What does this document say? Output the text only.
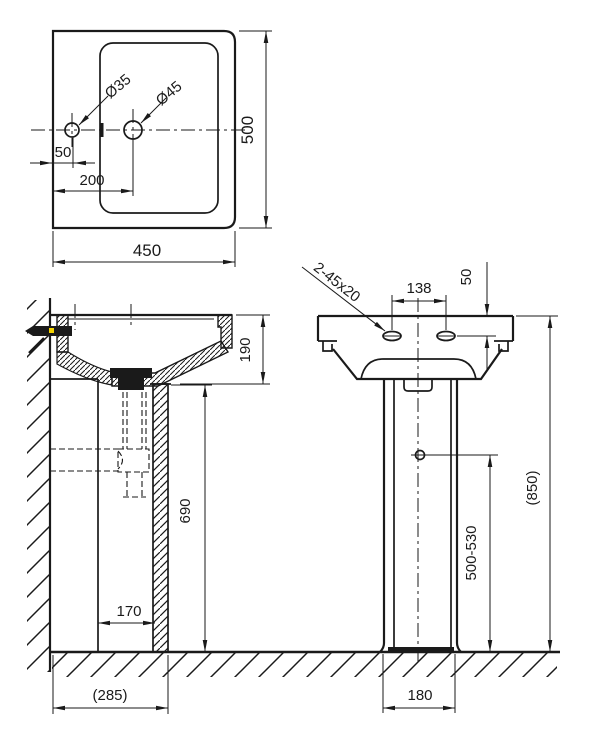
Ø35 Ø45
50
200
450
500
190
690
170
(285)
2-45x20	138
50
(850)
500-530
180
